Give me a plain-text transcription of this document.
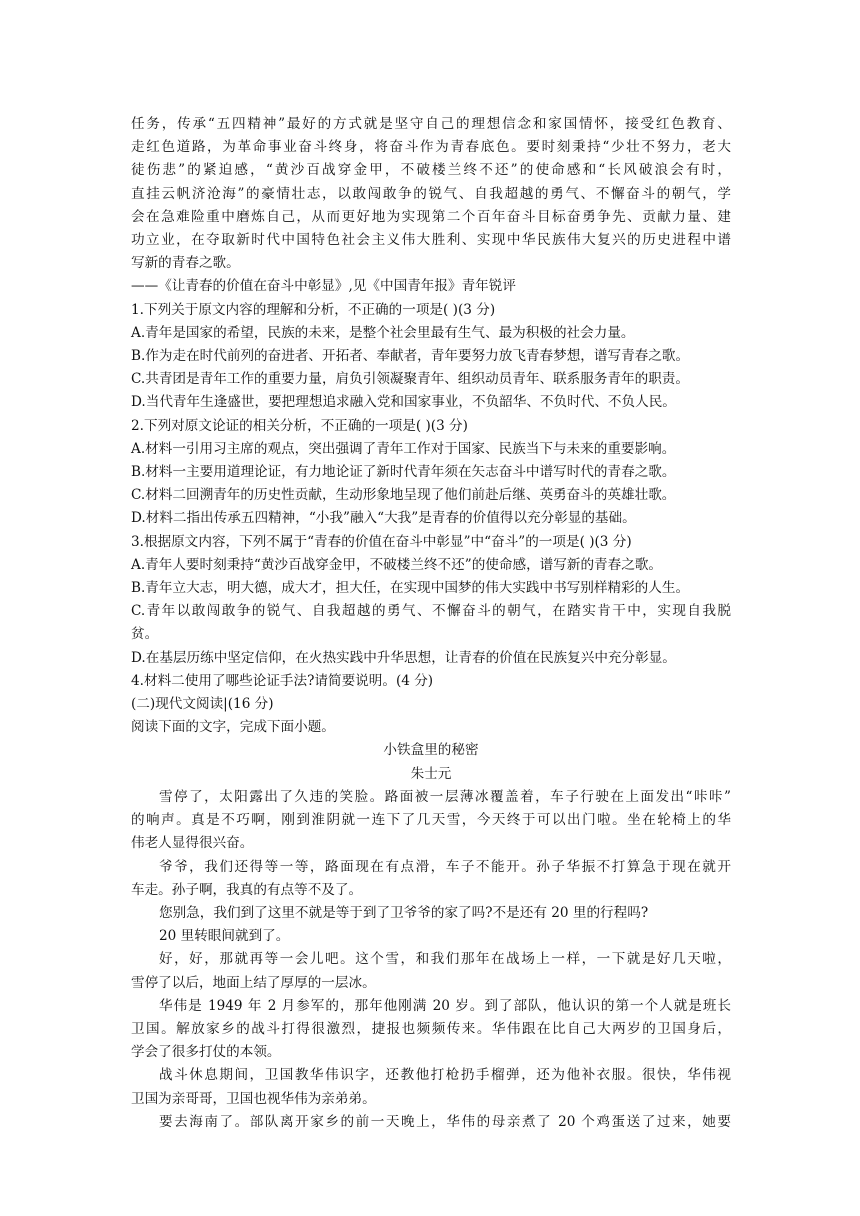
任务，传承“五四精神”最好的方式就是坚守自己的理想信念和家国情怀，接受红色教育、
走红色道路，为革命事业奋斗终身，将奋斗作为青春底色。要时刻秉持“少壮不努力，老大
徒伤悲”的紧迫感，“黄沙百战穿金甲，不破楼兰终不还”的使命感和“长风破浪会有时，
直挂云帆济沧海”的豪情壮志，以敢闯敢争的锐气、自我超越的勇气、不懈奋斗的朝气，学
会在急难险重中磨炼自己，从而更好地为实现第二个百年奋斗目标奋勇争先、贡献力量、建
功立业，在夺取新时代中国特色社会主义伟大胜利、实现中华民族伟大复兴的历史进程中谱
写新的青春之歌。
——《让青春的价值在奋斗中彰显》,见《中国青年报》青年锐评
1.下列关于原文内容的理解和分析，不正确的一项是( )(3 分)
A.青年是国家的希望，民族的未来，是整个社会里最有生气、最为积极的社会力量。
B.作为走在时代前列的奋进者、开拓者、奉献者，青年要努力放飞青春梦想，谱写青春之歌。
C.共青团是青年工作的重要力量，肩负引领凝聚青年、组织动员青年、联系服务青年的职责。
D.当代青年生逢盛世，要把理想追求融入党和国家事业，不负韶华、不负时代、不负人民。
2.下列对原文论证的相关分析，不正确的一项是( )(3 分)
A.材料一引用习主席的观点，突出强调了青年工作对于国家、民族当下与未来的重要影响。
B.材料一主要用道理论证，有力地论证了新时代青年须在矢志奋斗中谱写时代的青春之歌。
C.材料二回溯青年的历史性贡献，生动形象地呈现了他们前赴后继、英勇奋斗的英雄壮歌。
D.材料二指出传承五四精神，“小我”融入“大我”是青春的价值得以充分彰显的基础。
3.根据原文内容，下列不属于“青春的价值在奋斗中彰显”中“奋斗”的一项是( )(3 分)
A.青年人要时刻秉持“黄沙百战穿金甲，不破楼兰终不还”的使命感，谱写新的青春之歌。
B.青年立大志，明大德，成大才，担大任，在实现中国梦的伟大实践中书写别样精彩的人生。
C.青年以敢闯敢争的锐气、自我超越的勇气、不懈奋斗的朝气，在踏实肯干中，实现自我脱
贫。
D.在基层历练中坚定信仰，在火热实践中升华思想，让青春的价值在民族复兴中充分彰显。
4.材料二使用了哪些论证手法?请简要说明。(4 分)
(二)现代文阅读|(16 分)
阅读下面的文字，完成下面小题。
小铁盒里的秘密
朱士元
雪停了，太阳露出了久违的笑脸。路面被一层薄冰覆盖着，车子行驶在上面发出“咔咔”
的响声。真是不巧啊，刚到淮阴就一连下了几天雪，今天终于可以出门啦。坐在轮椅上的华
伟老人显得很兴奋。
爷爷，我们还得等一等，路面现在有点滑，车子不能开。孙子华振不打算急于现在就开
车走。孙子啊，我真的有点等不及了。
您别急，我们到了这里不就是等于到了卫爷爷的家了吗?不是还有 20 里的行程吗?
20 里转眼间就到了。
好，好，那就再等一会儿吧。这个雪，和我们那年在战场上一样，一下就是好几天啦，
雪停了以后，地面上结了厚厚的一层冰。
华伟是 1949 年 2 月参军的，那年他刚满 20 岁。到了部队，他认识的第一个人就是班长
卫国。解放家乡的战斗打得很激烈，捷报也频频传来。华伟跟在比自己大两岁的卫国身后，
学会了很多打仗的本领。
战斗休息期间，卫国教华伟识字，还教他打枪扔手榴弹，还为他补衣服。很快，华伟视
卫国为亲哥哥，卫国也视华伟为亲弟弟。
要去海南了。部队离开家乡的前一天晚上，华伟的母亲煮了 20 个鸡蛋送了过来，她要
